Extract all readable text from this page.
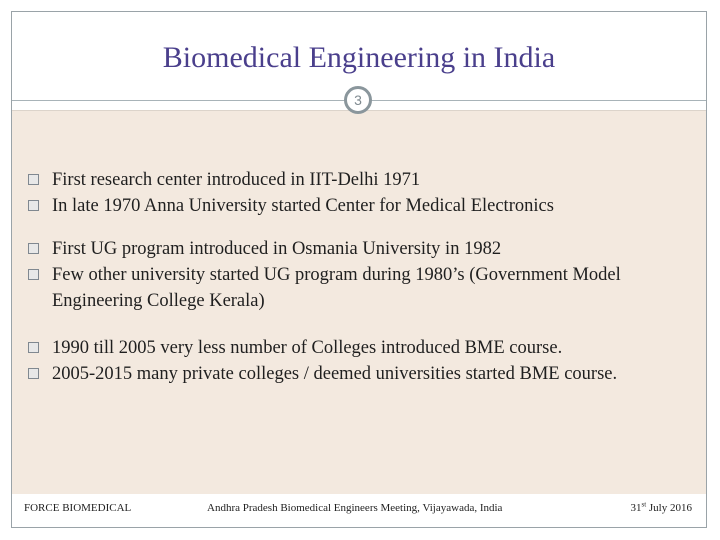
Biomedical Engineering in India
3
First research center introduced in IIT-Delhi 1971
In late 1970 Anna University started Center for Medical Electronics
First UG program introduced in Osmania University in 1982
Few other university started UG program during 1980’s (Government Model Engineering College Kerala)
1990 till 2005 very less number of Colleges introduced BME course.
2005-2015 many private colleges / deemed universities started BME course.
FORCE BIOMEDICAL	Andhra Pradesh Biomedical Engineers Meeting, Vijayawada, India	31st July 2016
